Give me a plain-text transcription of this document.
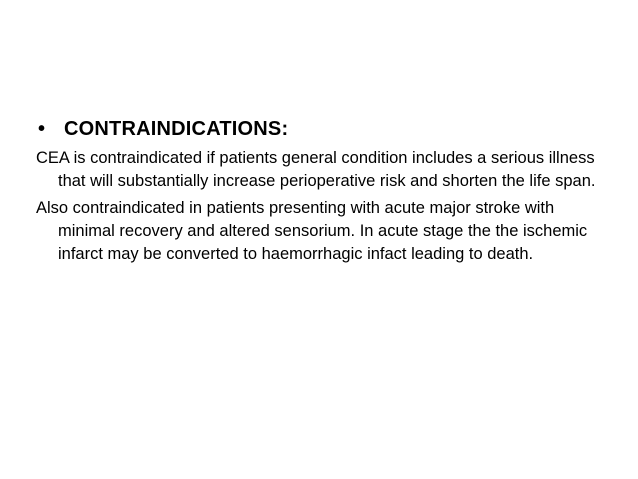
• CONTRAINDICATIONS:

CEA is contraindicated if patients general condition includes a serious illness that will substantially increase perioperative risk and shorten the life span.

Also contraindicated in patients presenting with acute major stroke with minimal recovery and altered sensorium. In acute stage the the ischemic infarct may be converted to haemorrhagic infact leading to death.
